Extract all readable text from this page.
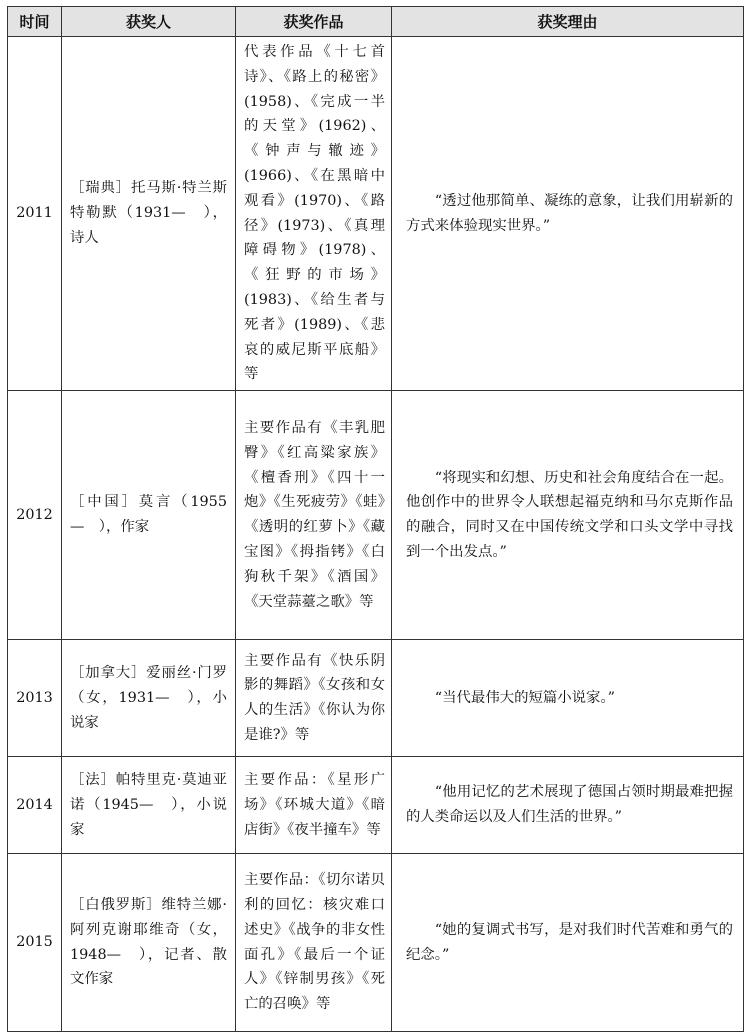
时间	获奖人	获奖作品	获奖理由
2011	［瑞典］托马斯·特兰斯特勒默（1931—　），诗人	代表作品《十七首诗》、《路上的秘密》(1958)、《完成一半的天堂》(1962)、《钟声与辙迹》(1966)、《在黑暗中观看》(1970)、《路径》(1973)、《真理障碍物》(1978)、《狂野的市场》(1983)、《给生者与死者》(1989)、《悲哀的威尼斯平底船》等	“透过他那简单、凝练的意象，让我们用崭新的方式来体验现实世界。”

2012	［中国］莫言（1955—　），作家	主要作品有《丰乳肥臀》《红高粱家族》《檀香刑》《四十一炮》《生死疲劳》《蛙》《透明的红萝卜》《藏宝图》《拇指铐》《白狗秋千架》《酒国》《天堂蒜薹之歌》等	“将现实和幻想、历史和社会角度结合在一起。他创作中的世界令人联想起福克纳和马尔克斯作品的融合，同时又在中国传统文学和口头文学中寻找到一个出发点。”

2013	［加拿大］爱丽丝·门罗（女，1931—　），小说家	主要作品有《快乐阴影的舞蹈》《女孩和女人的生活》《你认为你是谁?》等	“当代最伟大的短篇小说家。”

2014	［法］帕特里克·莫迪亚诺（1945—　），小说家	主要作品：《星形广场》《环城大道》《暗店街》《夜半撞车》等	“他用记忆的艺术展现了德国占领时期最难把握的人类命运以及人们生活的世界。”

2015	［白俄罗斯］维特兰娜·阿列克谢耶维奇（女，1948—　），记者、散文作家	主要作品：《切尔诺贝利的回忆：核灾难口述史》《战争的非女性面孔》《最后一个证人》《锌制男孩》《死亡的召唤》等	“她的复调式书写，是对我们时代苦难和勇气的纪念。”
